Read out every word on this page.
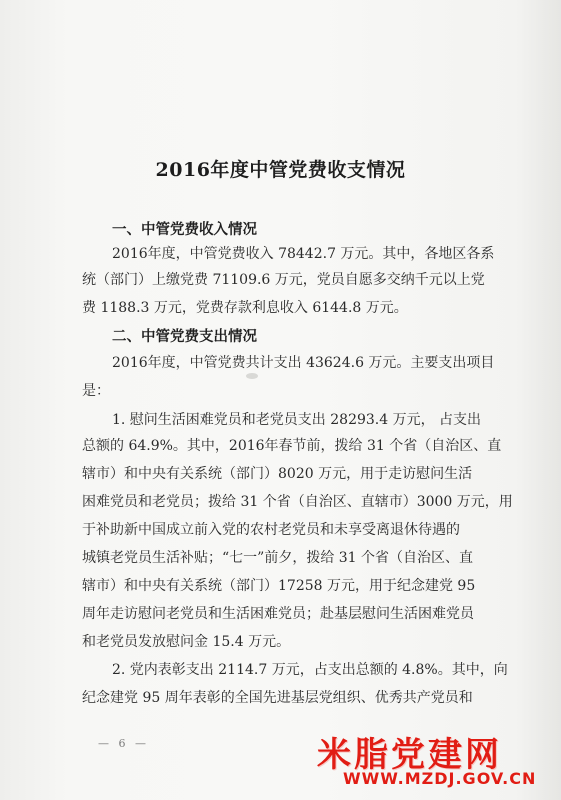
2016年度中管党费收支情况

一、中管党费收入情况

2016年度，中管党费收入 78442.7 万元。其中，各地区各系

统（部门）上缴党费 71109.6 万元，党员自愿多交纳千元以上党

费 1188.3 万元，党费存款利息收入 6144.8 万元。

二、中管党费支出情况

2016年度，中管党费共计支出 43624.6 万元。主要支出项目

是：

1. 慰问生活困难党员和老党员支出 28293.4 万元， 占支出

总额的 64.9%。其中，2016年春节前，拨给 31 个省（自治区、直

辖市）和中央有关系统（部门）8020 万元，用于走访慰问生活

困难党员和老党员；拨给 31 个省（自治区、直辖市）3000 万元，用

于补助新中国成立前入党的农村老党员和未享受离退休待遇的

城镇老党员生活补贴；“七一”前夕，拨给 31 个省（自治区、直

辖市）和中央有关系统（部门）17258 万元，用于纪念建党 95

周年走访慰问老党员和生活困难党员；赴基层慰问生活困难党员

和老党员发放慰问金 15.4 万元。

2. 党内表彰支出 2114.7 万元，占支出总额的 4.8%。其中，向

纪念建党 95 周年表彰的全国先进基层党组织、优秀共产党员和

— 6 —	米脂党建网
WWW.MZDJ.GOV.CN
